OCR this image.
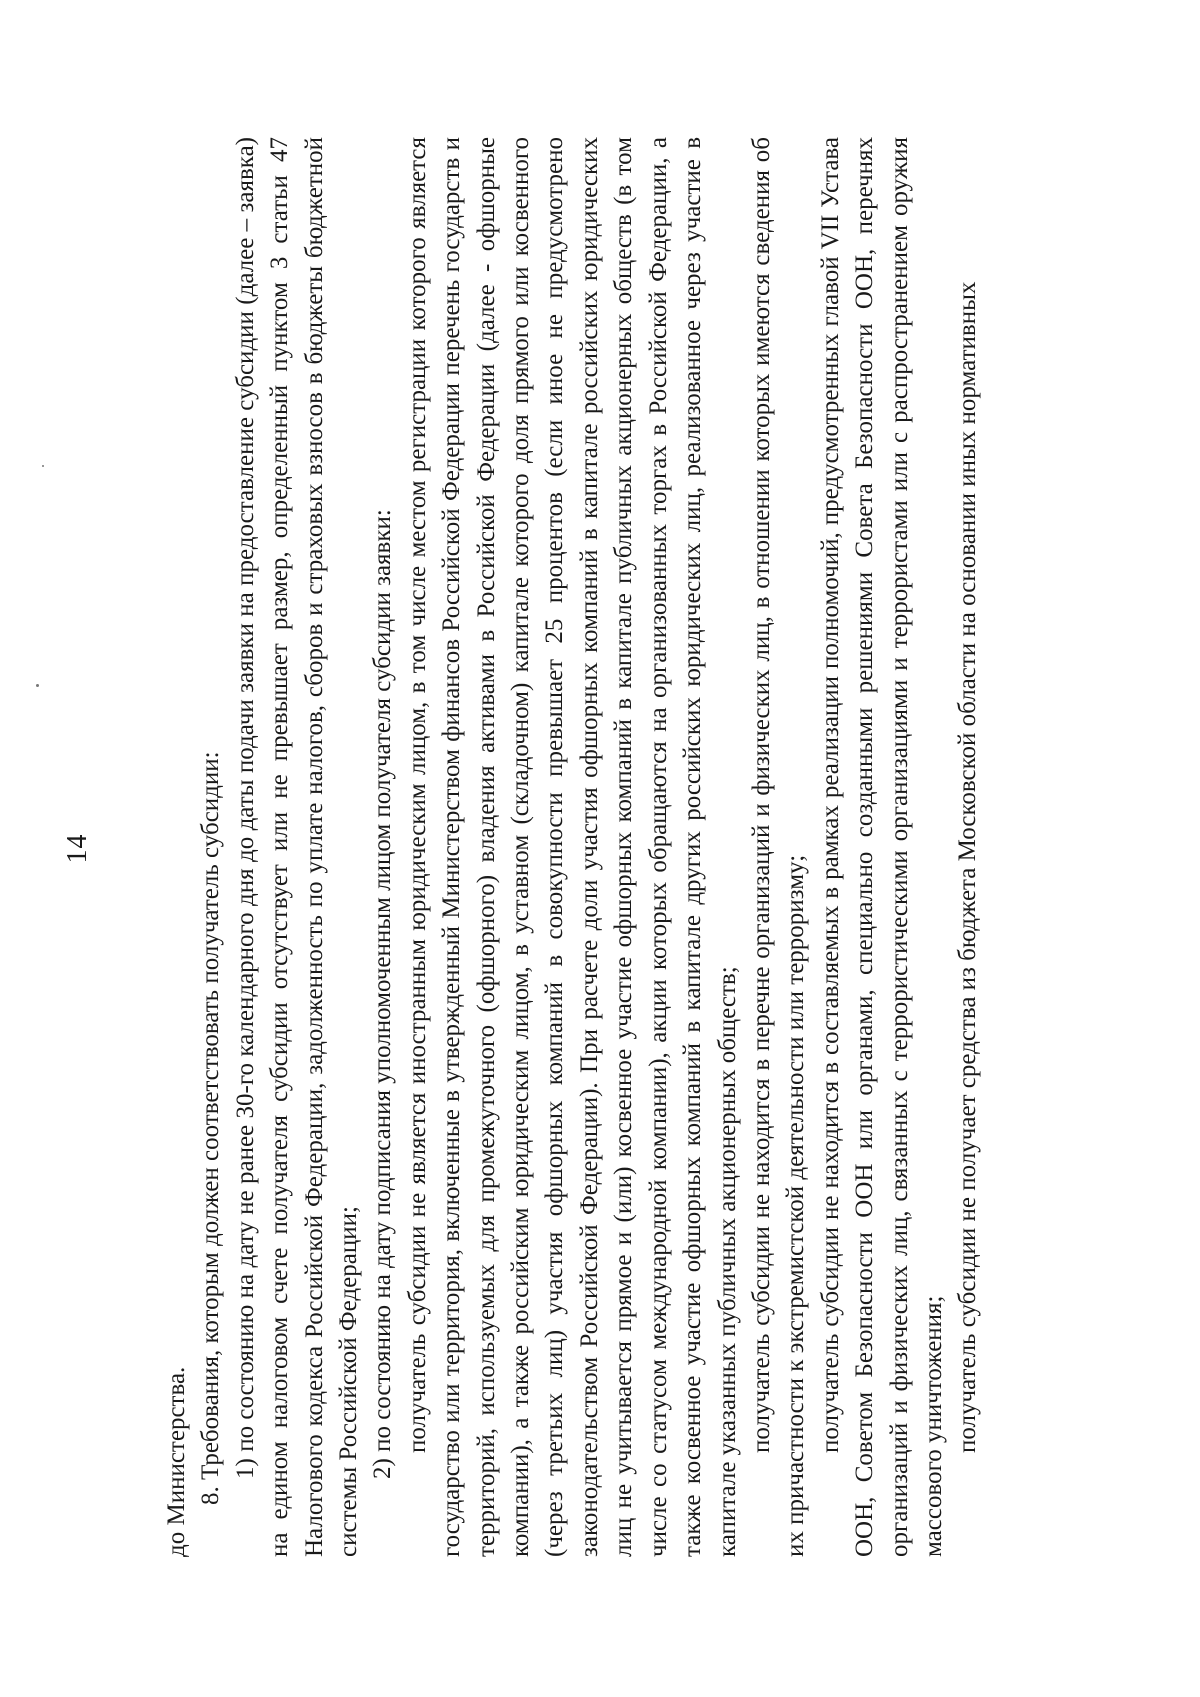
14

до Министерства. 8. Требования, которым должен соответствовать получатель субсидии: 1) по состоянию на дату не ранее 30-го календарного дня до даты подачи заявки на предоставление субсидии (далее – заявка) на едином налоговом счете получателя субсидии отсутствует или не превышает размер, определенный пунктом 3 статьи 47 Налогового кодекса Российской Федерации, задолженность по уплате налогов, сборов и страховых взносов в бюджеты бюджетной системы Российской Федерации; 2) по состоянию на дату подписания уполномоченным лицом получателя субсидии заявки: получатель субсидии не является иностранным юридическим лицом, в том числе местом регистрации которого является государство или территория, включенные в утвержденный Министерством финансов Российской Федерации перечень государств и территорий, используемых для промежуточного (офшорного) владения активами в Российской Федерации (далее - офшорные компании), а также российским юридическим лицом, в уставном (складочном) капитале которого доля прямого или косвенного (через третьих лиц) участия офшорных компаний в совокупности превышает 25 процентов (если иное не предусмотрено законодательством Российской Федерации). При расчете доли участия офшорных компаний в капитале российских юридических лиц не учитывается прямое и (или) косвенное участие офшорных компаний в капитале публичных акционерных обществ (в том числе со статусом международной компании), акции которых обращаются на организованных торгах в Российской Федерации, а также косвенное участие офшорных компаний в капитале других российских юридических лиц, реализованное через участие в капитале указанных публичных акционерных обществ; получатель субсидии не находится в перечне организаций и физических лиц, в отношении которых имеются сведения об их причастности к экстремистской деятельности или терроризму; получатель субсидии не находится в составляемых в рамках реализации полномочий, предусмотренных главой VII Устава ООН, Советом Безопасности ООН или органами, специально созданными решениями Совета Безопасности ООН, перечнях организаций и физических лиц, связанных с террористическими организациями и террористами или с распространением оружия массового уничтожения; получатель субсидии не получает средства из бюджета Московской области на основании иных нормативных
